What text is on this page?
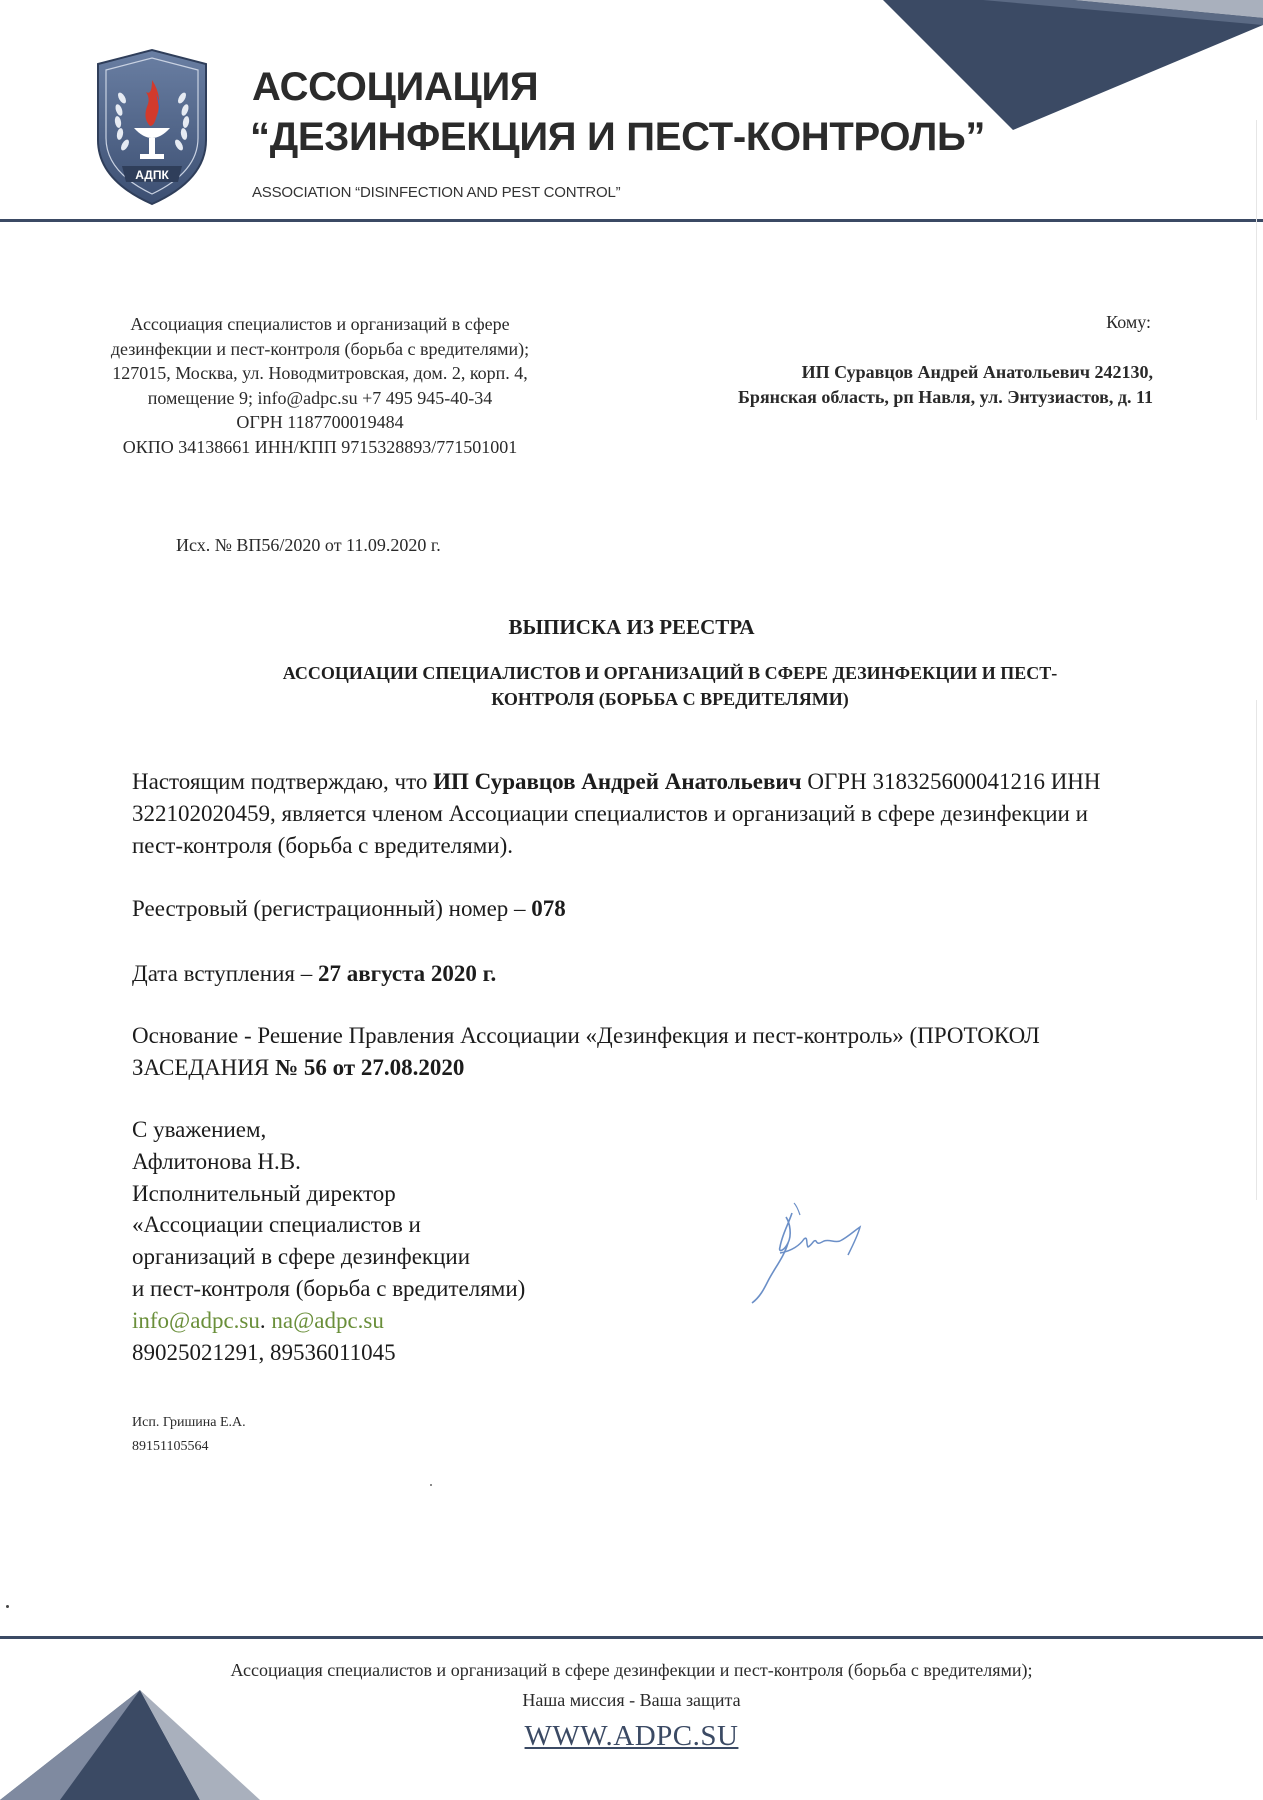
АДПК
АССОЦИАЦИЯ
“ДЕЗИНФЕКЦИЯ И ПЕСТ-КОНТРОЛЬ”
ASSOCIATION “DISINFECTION AND PEST CONTROL”
Ассоциация специалистов и организаций в сфере
дезинфекции и пест-контроля (борьба с вредителями);
127015, Москва, ул. Новодмитровская, дом. 2, корп. 4,
помещение 9; info@adpc.su +7 495 945-40-34
ОГРН 1187700019484
ОКПО 34138661 ИНН/КПП 9715328893/771501001
Кому:
ИП Суравцов Андрей Анатольевич 242130,
Брянская область, рп Навля, ул. Энтузиастов, д. 11
Исх. № ВП56/2020 от 11.09.2020 г.
ВЫПИСКА ИЗ РЕЕСТРА
АССОЦИАЦИИ СПЕЦИАЛИСТОВ И ОРГАНИЗАЦИЙ В СФЕРЕ ДЕЗИНФЕКЦИИ И ПЕСТ-
КОНТРОЛЯ (БОРЬБА С ВРЕДИТЕЛЯМИ)
Настоящим подтверждаю, что ИП Суравцов Андрей Анатольевич ОГРН 318325600041216 ИНН 322102020459, является членом Ассоциации специалистов и организаций в сфере дезинфекции и пест-контроля (борьба с вредителями).
Реестровый (регистрационный) номер – 078
Дата вступления – 27 августа 2020 г.
Основание - Решение Правления Ассоциации «Дезинфекция и пест-контроль» (ПРОТОКОЛ ЗАСЕДАНИЯ № 56 от 27.08.2020
С уважением,
Афлитонова Н.В.
Исполнительный директор
«Ассоциации специалистов и
организаций в сфере дезинфекции
и пест-контроля (борьба с вредителями)
info@adpc.su. na@adpc.su
89025021291, 89536011045
Исп. Гришина Е.А.
89151105564
Ассоциация специалистов и организаций в сфере дезинфекции и пест-контроля (борьба с вредителями);
Наша миссия - Ваша защита
WWW.ADPC.SU
